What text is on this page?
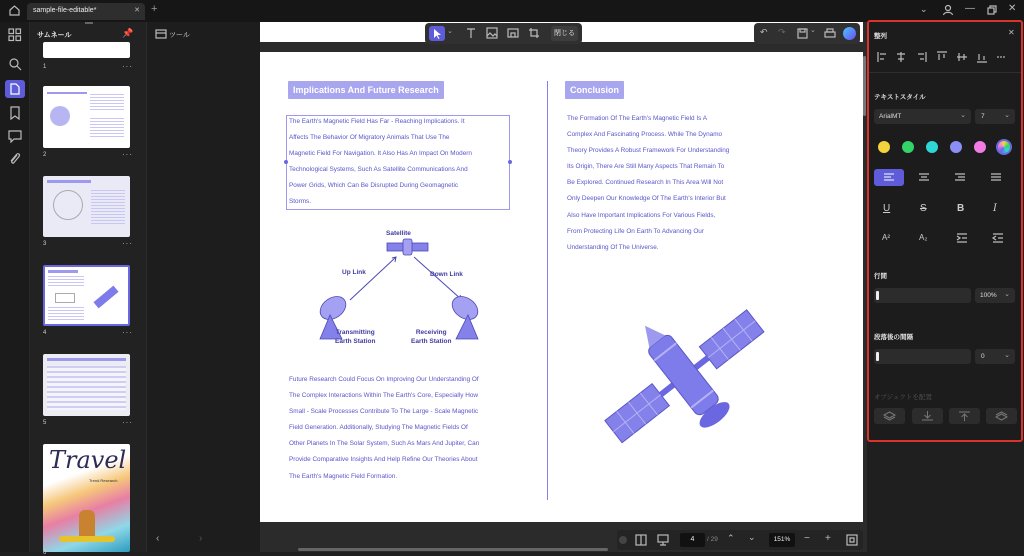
sample-file-editable*	✕ +	⌄	—	✕
サムネール	📌
1	···
2	···
3	···
4	···
5	···
Travel
Trend Research
6
ツール
‹	›
⌄	閉じる	↶ ↷	⌄
Implications And Future Research	Conclusion
The Earth's Magnetic Field Has Far - Reaching Implications. It
Affects The Behavior Of Migratory Animals That Use The
Magnetic Field For Navigation. It Also Has An Impact On Modern
Technological Systems, Such As Satellite Communications And
Power Grids, Which Can Be Disrupted During Geomagnetic
Storms.
Satellite
Up Link	Down Link
Transmitting
Earth Station
Receiving
Earth Station
Future Research Could Focus On Improving Our Understanding Of
The Complex Interactions Within The Earth's Core, Especially How
Small - Scale Processes Contribute To The Large - Scale Magnetic
Field Generation. Additionally, Studying The Magnetic Fields Of
Other Planets In The Solar System, Such As Mars And Jupiter, Can
Provide Comparative Insights And Help Refine Our Theories About
The Earth's Magnetic Field Formation.
The Formation Of The Earth's Magnetic Field Is A
Complex And Fascinating Process. While The Dynamo
Theory Provides A Robust Framework For Understanding
Its Origin, There Are Still Many Aspects That Remain To
Be Explored. Continued Research In This Area Will Not
Only Deepen Our Knowledge Of The Earth's Interior But
Also Have Important Implications For Various Fields,
From Protecting Life On Earth To Advancing Our
Understanding Of The Universe.
4	/ 29 ⌃ ⌄	151%	− +
整列	✕
テキストスタイル
ArialMT	⌄ 7	⌄
U	S	B	I
A²	A₂
行間
100% ⌄
段落後の間隔
0	⌄
オブジェクトを配置
